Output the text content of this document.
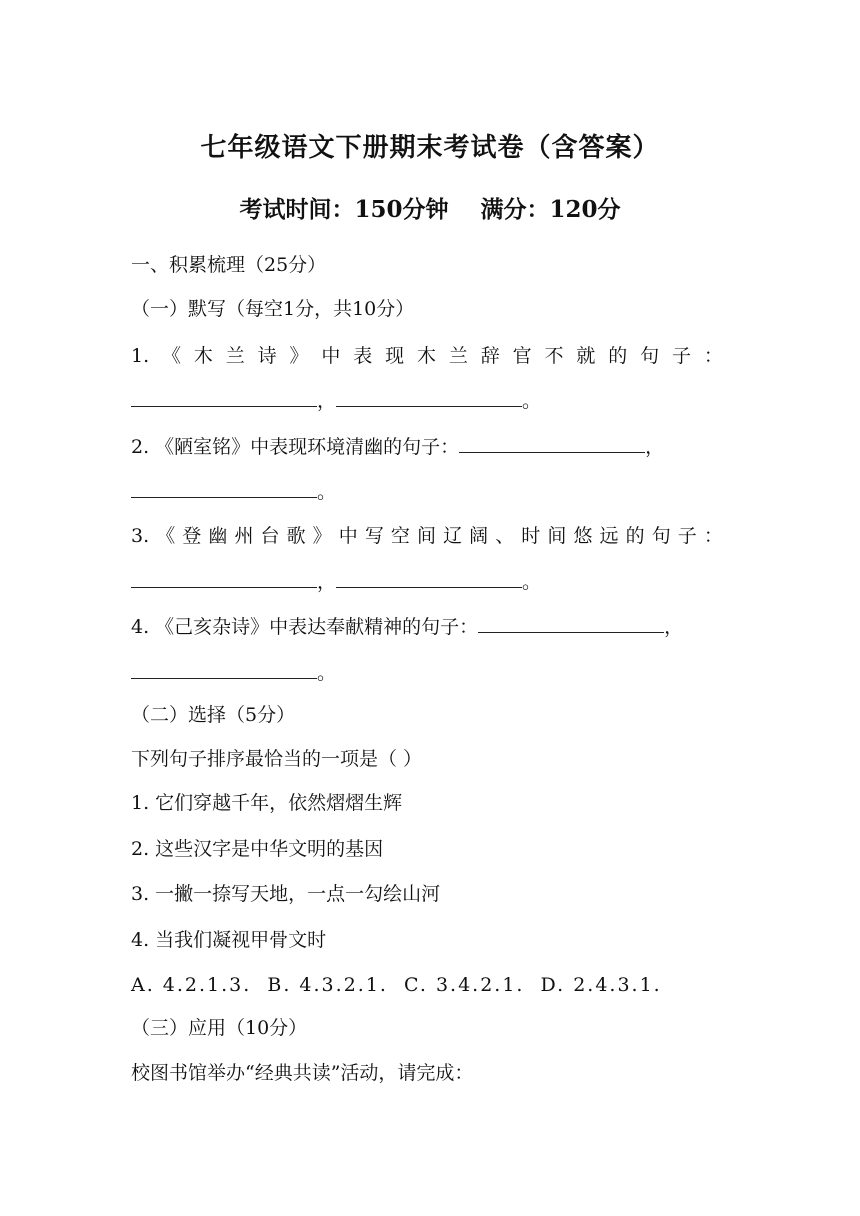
七年级语文下册期末考试卷（含答案）
考试时间：150分钟    满分：120分
一、积累梳理（25分）
（一）默写（每空1分，共10分）
1. 《 木 兰 诗 》 中 表 现 木 兰 辞 官 不 就 的 句 子 ：
，	。
2. 《陋室铭》中表现环境清幽的句子：	，
。
3. 《 登 幽 州 台 歌 》 中 写 空 间 辽 阔 、 时 间 悠 远 的 句 子 ：
，	。
4. 《己亥杂诗》中表达奉献精神的句子：	，
。
（二）选择（5分）
下列句子排序最恰当的一项是（ ）
1. 它们穿越千年，依然熠熠生辉
2. 这些汉字是中华文明的基因
3. 一撇一捺写天地，一点一勾绘山河
4. 当我们凝视甲骨文时
A. 4.2.1.3.  B. 4.3.2.1.  C. 3.4.2.1.  D. 2.4.3.1.
（三）应用（10分）
校图书馆举办“经典共读”活动，请完成：
